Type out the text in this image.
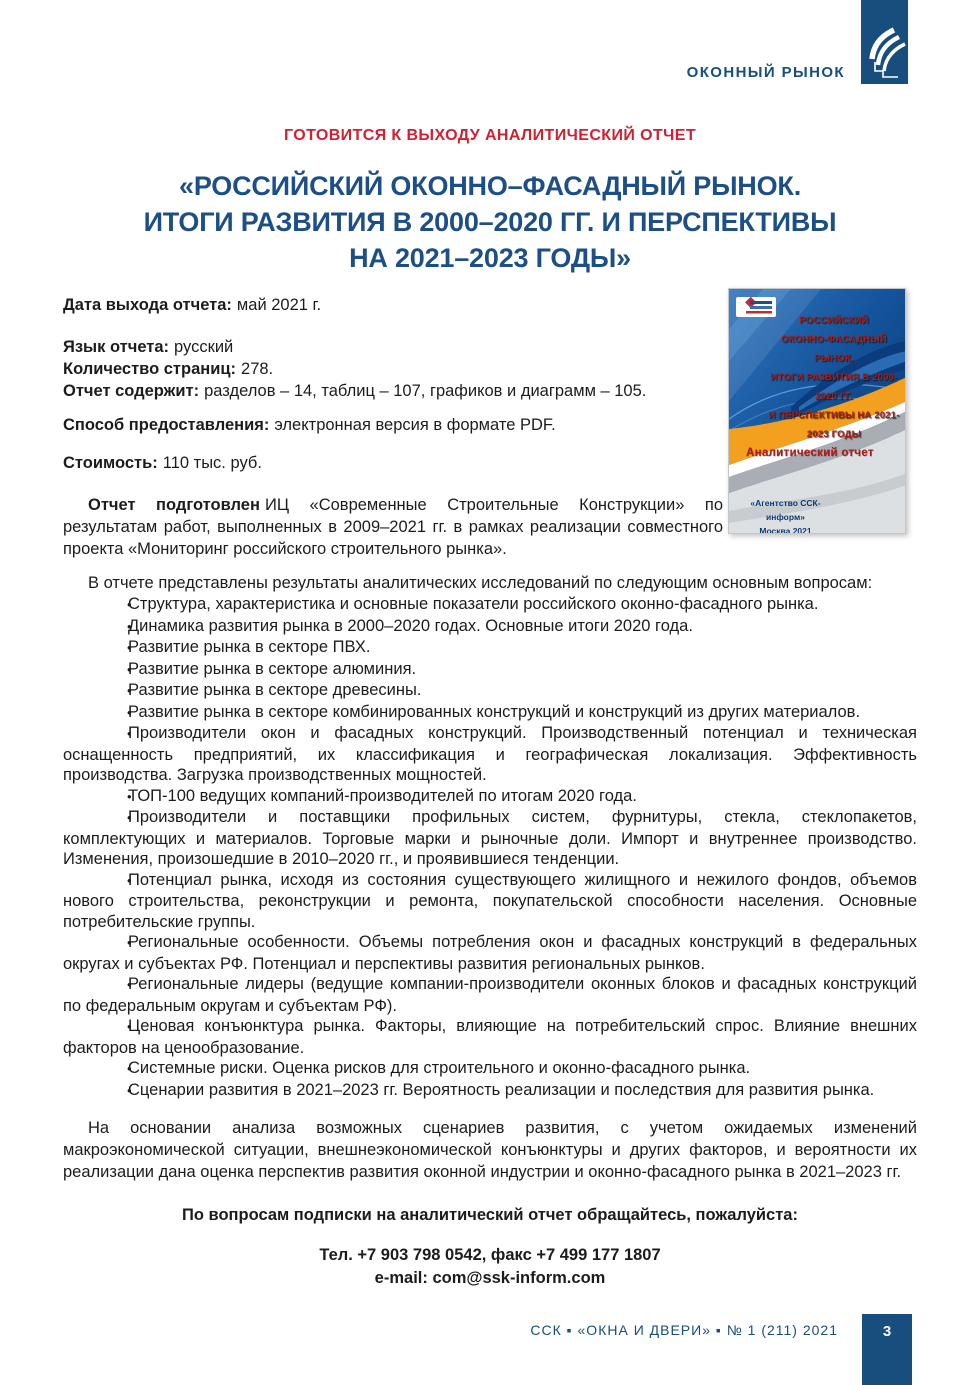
ОКОННЫЙ РЫНОК
ГОТОВИТСЯ К ВЫХОДУ АНАЛИТИЧЕСКИЙ ОТЧЕТ
«РОССИЙСКИЙ ОКОННО–ФАСАДНЫЙ РЫНОК.
ИТОГИ РАЗВИТИЯ В 2000–2020 ГГ. И ПЕРСПЕКТИВЫ
НА 2021–2023 ГОДЫ»

Дата выхода отчета: май 2021 г.

Язык отчета: русский

Количество страниц: 278.

Отчет содержит: разделов – 14, таблиц – 107, графиков и диаграмм – 105.

Способ предоставления: электронная версия в формате PDF.

Стоимость: 110 тыс. руб.

Отчет подготовлен ИЦ «Современные Строительные Конструкции» по результатам работ, выполненных в 2009–2021 гг. в рамках реализации совместного проекта «Мониторинг российского строительного рынка».

В отчете представлены результаты аналитических исследований по следующим основным вопросам:

• Структура, характеристика и основные показатели российского оконно-фасадного рынка.

• Динамика развития рынка в 2000–2020 годах. Основные итоги 2020 года.

• Развитие рынка в секторе ПВХ.

• Развитие рынка в секторе алюминия.

• Развитие рынка в секторе древесины.

• Развитие рынка в секторе комбинированных конструкций и конструкций из других материалов.

• Производители окон и фасадных конструкций. Производственный потенциал и техническая оснащенность предприятий, их классификация и географическая локализация. Эффективность производства. Загрузка производственных мощностей.

• ТОП-100 ведущих компаний-производителей по итогам 2020 года.

• Производители и поставщики профильных систем, фурнитуры, стекла, стеклопакетов, комплектующих и материалов. Торговые марки и рыночные доли. Импорт и внутреннее производство. Изменения, произошедшие в 2010–2020 гг., и проявившиеся тенденции.

• Потенциал рынка, исходя из состояния существующего жилищного и нежилого фондов, объемов нового строительства, реконструкции и ремонта, покупательской способности населения. Основные потребительские группы.

• Региональные особенности. Объемы потребления окон и фасадных конструкций в федеральных округах и субъектах РФ. Потенциал и перспективы развития региональных рынков.

• Региональные лидеры (ведущие компании-производители оконных блоков и фасадных конструкций по федеральным округам и субъектам РФ).

• Ценовая конъюнктура рынка. Факторы, влияющие на потребительский спрос. Влияние внешних факторов на ценообразование.

• Системные риски. Оценка рисков для строительного и оконно-фасадного рынка.

• Сценарии развития в 2021–2023 гг. Вероятность реализации и последствия для развития рынка.

На основании анализа возможных сценариев развития, с учетом ожидаемых изменений макроэкономической ситуации, внешнеэкономической конъюнктуры и других факторов, и вероятности их реализации дана оценка перспектив развития оконной индустрии и оконно-фасадного рынка в 2021–2023 гг.

По вопросам подписки на аналитический отчет обращайтесь, пожалуйста:

Тел. +7 903 798 0542, факс +7 499 177 1807

e-mail: com@ssk-inform.com

РОССИЙСКИЙ
ОКОННО-ФАСАДНЫЙ РЫНОК.
ИТОГИ РАЗВИТИЯ В 2000-2020 ГГ.
И ПЕРСПЕКТИВЫ НА 2021-2023 ГОДЫ
Аналитический отчет
«Агентство ССК-информ»
Москва 2021
ССК ▪ «ОКНА И ДВЕРИ» ▪ № 1 (211) 2021	3
